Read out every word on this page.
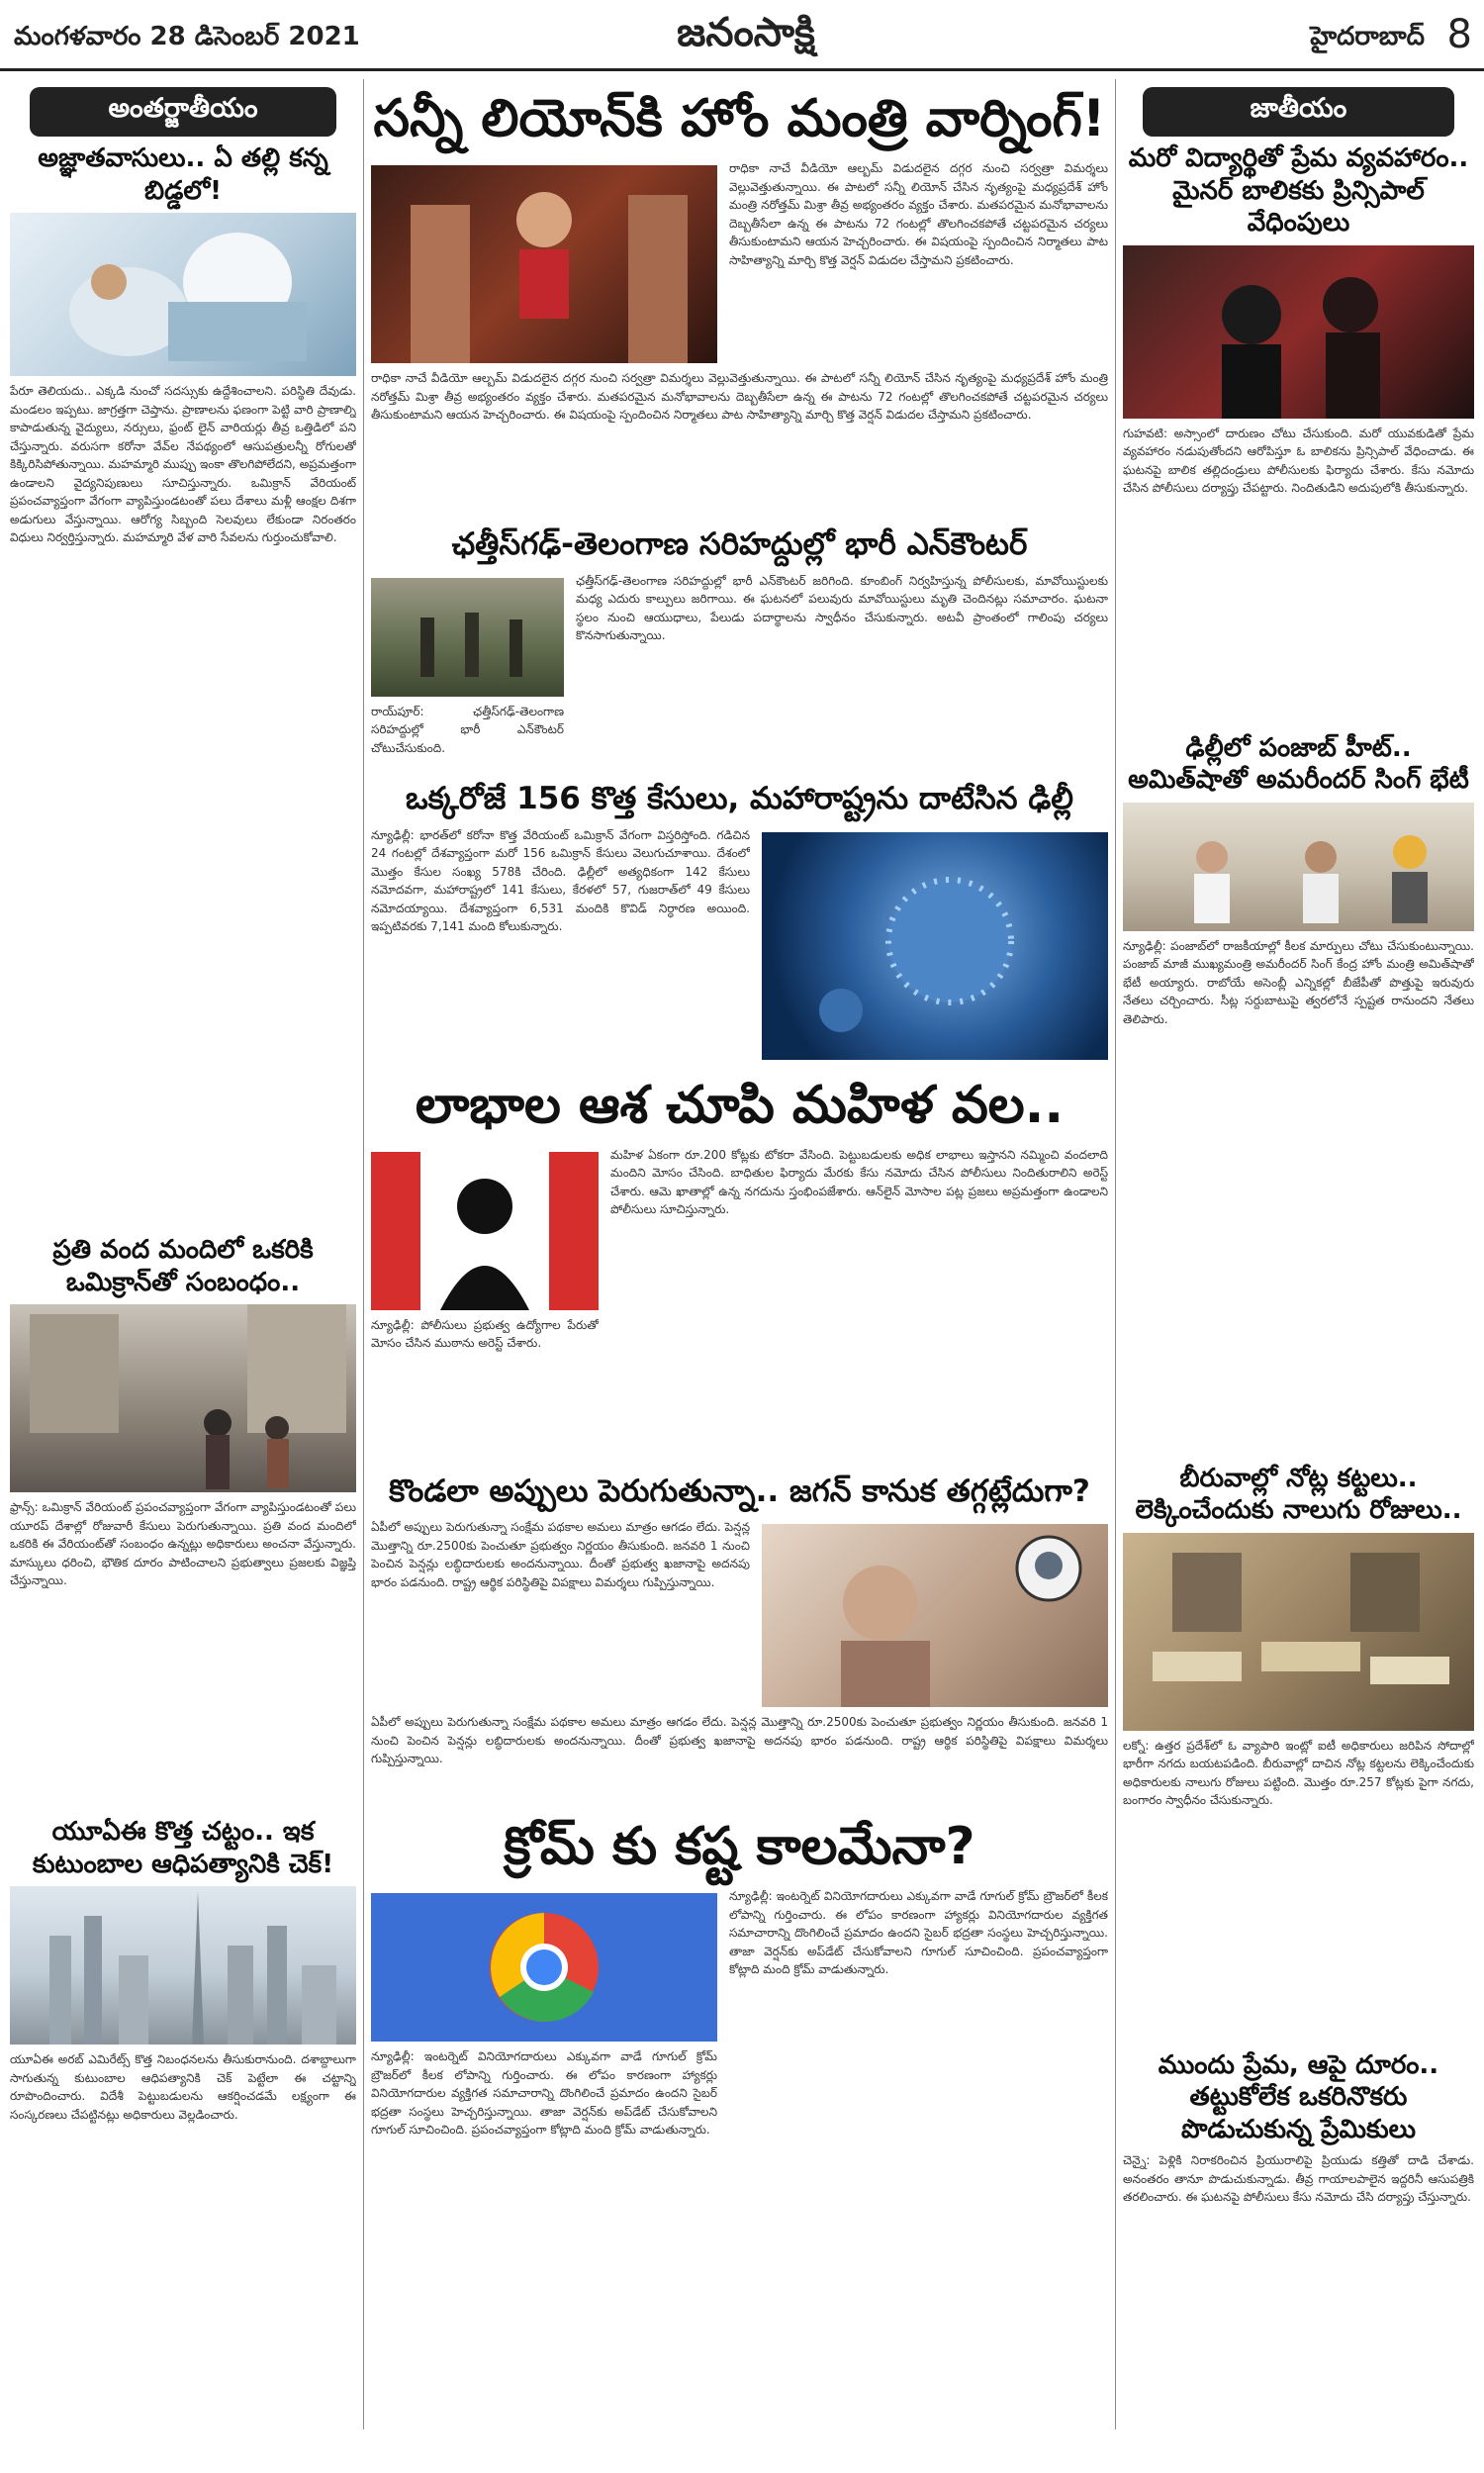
మంగళవారం 28 డిసెంబర్ 2021	జనంసాక్షి	హైదరాబాద్ 8
అంతర్జాతీయం
అజ్ఞాతవాసులు.. ఏ తల్లి కన్న బిడ్డలో!
పేరూ తెలియదు.. ఎక్కడి నుంచో సదస్సుకు ఉద్దేశించాలని. పరిస్థితి దేవుడు. మండలం ఇప్పటు. జాగ్రత్తగా చెప్తాను. ప్రాణాలను ఫణంగా పెట్టి వారి ప్రాణాల్ని కాపాడుతున్న వైద్యులు, నర్సులు, ఫ్రంట్ లైన్ వారియర్లు తీవ్ర ఒత్తిడిలో పని చేస్తున్నారు. వరుసగా కరోనా వేవ్‌ల నేపథ్యంలో ఆసుపత్రులన్నీ రోగులతో కిక్కిరిసిపోతున్నాయి. మహమ్మారి ముప్పు ఇంకా తొలగిపోలేదని, అప్రమత్తంగా ఉండాలని వైద్యనిపుణులు సూచిస్తున్నారు. ఒమిక్రాన్ వేరియంట్ ప్రపంచవ్యాప్తంగా వేగంగా వ్యాపిస్తుండటంతో పలు దేశాలు మళ్లీ ఆంక్షల దిశగా అడుగులు వేస్తున్నాయి. ఆరోగ్య సిబ్బంది సెలవులు లేకుండా నిరంతరం విధులు నిర్వర్తిస్తున్నారు. మహమ్మారి వేళ వారి సేవలను గుర్తుంచుకోవాలి.
ప్రతి వంద మందిలో ఒకరికి ఒమిక్రాన్‌తో సంబంధం..
ఫ్రాన్స్: ఒమిక్రాన్ వేరియంట్ ప్రపంచవ్యాప్తంగా వేగంగా వ్యాపిస్తుండటంతో పలు యూరప్ దేశాల్లో రోజువారీ కేసులు పెరుగుతున్నాయి. ప్రతి వంద మందిలో ఒకరికి ఈ వేరియంట్‌తో సంబంధం ఉన్నట్లు అధికారులు అంచనా వేస్తున్నారు. మాస్కులు ధరించి, భౌతిక దూరం పాటించాలని ప్రభుత్వాలు ప్రజలకు విజ్ఞప్తి చేస్తున్నాయి.
యూఏఈ కొత్త చట్టం.. ఇక కుటుంబాల ఆధిపత్యానికి చెక్!
యూఏఈ అరబ్ ఎమిరేట్స్ కొత్త నిబంధనలను తీసుకురానుంది. దశాబ్దాలుగా సాగుతున్న కుటుంబాల ఆధిపత్యానికి చెక్ పెట్టేలా ఈ చట్టాన్ని రూపొందించారు. విదేశీ పెట్టుబడులను ఆకర్షించడమే లక్ష్యంగా ఈ సంస్కరణలు చేపట్టినట్లు అధికారులు వెల్లడించారు.
సన్నీ లియోన్‌కి హోం మంత్రి వార్నింగ్!
రాధికా నాచే వీడియో ఆల్బమ్ విడుదలైన దగ్గర నుంచి సర్వత్రా విమర్శలు వెల్లువెత్తుతున్నాయి. ఈ పాటలో సన్నీ లియోన్ చేసిన నృత్యంపై మధ్యప్రదేశ్ హోం మంత్రి నరోత్తమ్ మిశ్రా తీవ్ర అభ్యంతరం వ్యక్తం చేశారు. మతపరమైన మనోభావాలను దెబ్బతీసేలా ఉన్న ఈ పాటను 72 గంటల్లో తొలగించకపోతే చట్టపరమైన చర్యలు తీసుకుంటామని ఆయన హెచ్చరించారు. ఈ విషయంపై స్పందించిన నిర్మాతలు పాట సాహిత్యాన్ని మార్చి కొత్త వెర్షన్ విడుదల చేస్తామని ప్రకటించారు.
రాధికా నాచే వీడియో ఆల్బమ్ విడుదలైన దగ్గర నుంచి సర్వత్రా విమర్శలు వెల్లువెత్తుతున్నాయి. ఈ పాటలో సన్నీ లియోన్ చేసిన నృత్యంపై మధ్యప్రదేశ్ హోం మంత్రి నరోత్తమ్ మిశ్రా తీవ్ర అభ్యంతరం వ్యక్తం చేశారు. మతపరమైన మనోభావాలను దెబ్బతీసేలా ఉన్న ఈ పాటను 72 గంటల్లో తొలగించకపోతే చట్టపరమైన చర్యలు తీసుకుంటామని ఆయన హెచ్చరించారు. ఈ విషయంపై స్పందించిన నిర్మాతలు పాట సాహిత్యాన్ని మార్చి కొత్త వెర్షన్ విడుదల చేస్తామని ప్రకటించారు.
ఛత్తీస్‌గఢ్-తెలంగాణ సరిహద్దుల్లో భారీ ఎన్‌కౌంటర్
రాయ్‌పూర్: ఛత్తీస్‌గఢ్-తెలంగాణ సరిహద్దుల్లో భారీ ఎన్‌కౌంటర్ చోటుచేసుకుంది.
ఛత్తీస్‌గఢ్-తెలంగాణ సరిహద్దుల్లో భారీ ఎన్‌కౌంటర్ జరిగింది. కూంబింగ్ నిర్వహిస్తున్న పోలీసులకు, మావోయిస్టులకు మధ్య ఎదురు కాల్పులు జరిగాయి. ఈ ఘటనలో పలువురు మావోయిస్టులు మృతి చెందినట్లు సమాచారం. ఘటనా స్థలం నుంచి ఆయుధాలు, పేలుడు పదార్థాలను స్వాధీనం చేసుకున్నారు. అటవీ ప్రాంతంలో గాలింపు చర్యలు కొనసాగుతున్నాయి.
ఒక్కరోజే 156 కొత్త కేసులు, మహారాష్ట్రను దాటేసిన ఢిల్లీ
న్యూఢిల్లీ: భారత్‌లో కరోనా కొత్త వేరియంట్ ఒమిక్రాన్ వేగంగా విస్తరిస్తోంది. గడిచిన 24 గంటల్లో దేశవ్యాప్తంగా మరో 156 ఒమిక్రాన్ కేసులు వెలుగుచూశాయి. దేశంలో మొత్తం కేసుల సంఖ్య 578కి చేరింది. ఢిల్లీలో అత్యధికంగా 142 కేసులు నమోదవగా, మహారాష్ట్రలో 141 కేసులు, కేరళలో 57, గుజరాత్‌లో 49 కేసులు నమోదయ్యాయి. దేశవ్యాప్తంగా 6,531 మందికి కొవిడ్ నిర్ధారణ అయింది. ఇప్పటివరకు 7,141 మంది కోలుకున్నారు.
లాభాల ఆశ చూపి మహిళ వల..
న్యూఢిల్లీ: పోలీసులు ప్రభుత్వ ఉద్యోగాల పేరుతో మోసం చేసిన ముఠాను అరెస్ట్ చేశారు.
మహిళ ఏకంగా రూ.200 కోట్లకు టోకరా వేసింది. పెట్టుబడులకు అధిక లాభాలు ఇస్తానని నమ్మించి వందలాది మందిని మోసం చేసింది. బాధితుల ఫిర్యాదు మేరకు కేసు నమోదు చేసిన పోలీసులు నిందితురాలిని అరెస్ట్ చేశారు. ఆమె ఖాతాల్లో ఉన్న నగదును స్తంభింపజేశారు. ఆన్‌లైన్ మోసాల పట్ల ప్రజలు అప్రమత్తంగా ఉండాలని పోలీసులు సూచిస్తున్నారు.
కొండలా అప్పులు పెరుగుతున్నా.. జగన్ కానుక తగ్గట్లేదుగా?
ఏపీలో అప్పులు పెరుగుతున్నా సంక్షేమ పథకాల అమలు మాత్రం ఆగడం లేదు. పెన్షన్ల మొత్తాన్ని రూ.2500కు పెంచుతూ ప్రభుత్వం నిర్ణయం తీసుకుంది. జనవరి 1 నుంచి పెంచిన పెన్షన్లు లబ్ధిదారులకు అందనున్నాయి. దీంతో ప్రభుత్వ ఖజానాపై అదనపు భారం పడనుంది. రాష్ట్ర ఆర్థిక పరిస్థితిపై విపక్షాలు విమర్శలు గుప్పిస్తున్నాయి.
ఏపీలో అప్పులు పెరుగుతున్నా సంక్షేమ పథకాల అమలు మాత్రం ఆగడం లేదు. పెన్షన్ల మొత్తాన్ని రూ.2500కు పెంచుతూ ప్రభుత్వం నిర్ణయం తీసుకుంది. జనవరి 1 నుంచి పెంచిన పెన్షన్లు లబ్ధిదారులకు అందనున్నాయి. దీంతో ప్రభుత్వ ఖజానాపై అదనపు భారం పడనుంది. రాష్ట్ర ఆర్థిక పరిస్థితిపై విపక్షాలు విమర్శలు గుప్పిస్తున్నాయి.
క్రోమ్ కు కష్ట కాలమేనా?
న్యూఢిల్లీ: ఇంటర్నెట్ వినియోగదారులు ఎక్కువగా వాడే గూగుల్ క్రోమ్ బ్రౌజర్‌లో కీలక లోపాన్ని గుర్తించారు. ఈ లోపం కారణంగా హ్యాకర్లు వినియోగదారుల వ్యక్తిగత సమాచారాన్ని దొంగిలించే ప్రమాదం ఉందని సైబర్ భద్రతా సంస్థలు హెచ్చరిస్తున్నాయి. తాజా వెర్షన్‌కు అప్‌డేట్ చేసుకోవాలని గూగుల్ సూచించింది. ప్రపంచవ్యాప్తంగా కోట్లాది మంది క్రోమ్ వాడుతున్నారు.
న్యూఢిల్లీ: ఇంటర్నెట్ వినియోగదారులు ఎక్కువగా వాడే గూగుల్ క్రోమ్ బ్రౌజర్‌లో కీలక లోపాన్ని గుర్తించారు. ఈ లోపం కారణంగా హ్యాకర్లు వినియోగదారుల వ్యక్తిగత సమాచారాన్ని దొంగిలించే ప్రమాదం ఉందని సైబర్ భద్రతా సంస్థలు హెచ్చరిస్తున్నాయి. తాజా వెర్షన్‌కు అప్‌డేట్ చేసుకోవాలని గూగుల్ సూచించింది. ప్రపంచవ్యాప్తంగా కోట్లాది మంది క్రోమ్ వాడుతున్నారు.
జాతీయం
మరో విద్యార్థితో ప్రేమ వ్యవహారం.. మైనర్ బాలికకు ప్రిన్సిపాల్ వేధింపులు
గుహవటి: అస్సాంలో దారుణం చోటు చేసుకుంది. మరో యువకుడితో ప్రేమ వ్యవహారం నడుపుతోందని ఆరోపిస్తూ ఓ బాలికను ప్రిన్సిపాల్ వేధించాడు. ఈ ఘటనపై బాలిక తల్లిదండ్రులు పోలీసులకు ఫిర్యాదు చేశారు. కేసు నమోదు చేసిన పోలీసులు దర్యాప్తు చేపట్టారు. నిందితుడిని అదుపులోకి తీసుకున్నారు.
ఢిల్లీలో పంజాబ్ హీట్.. అమిత్‌షాతో అమరీందర్ సింగ్ భేటీ
న్యూఢిల్లీ: పంజాబ్‌లో రాజకీయాల్లో కీలక మార్పులు చోటు చేసుకుంటున్నాయి. పంజాబ్ మాజీ ముఖ్యమంత్రి అమరీందర్ సింగ్ కేంద్ర హోం మంత్రి అమిత్‌షాతో భేటీ అయ్యారు. రాబోయే అసెంబ్లీ ఎన్నికల్లో బీజేపీతో పొత్తుపై ఇరువురు నేతలు చర్చించారు. సీట్ల సర్దుబాటుపై త్వరలోనే స్పష్టత రానుందని నేతలు తెలిపారు.
బీరువాల్లో నోట్ల కట్టలు.. లెక్కించేందుకు నాలుగు రోజులు..
లక్నో: ఉత్తర ప్రదేశ్‌లో ఓ వ్యాపారి ఇంట్లో ఐటీ అధికారులు జరిపిన సోదాల్లో భారీగా నగదు బయటపడింది. బీరువాల్లో దాచిన నోట్ల కట్టలను లెక్కించేందుకు అధికారులకు నాలుగు రోజులు పట్టింది. మొత్తం రూ.257 కోట్లకు పైగా నగదు, బంగారం స్వాధీనం చేసుకున్నారు.
ముందు ప్రేమ, ఆపై దూరం.. తట్టుకోలేక ఒకరినొకరు పొడుచుకున్న ప్రేమికులు
చెన్నై: పెళ్లికి నిరాకరించిన ప్రియురాలిపై ప్రియుడు కత్తితో దాడి చేశాడు. అనంతరం తానూ పొడుచుకున్నాడు. తీవ్ర గాయాలపాలైన ఇద్దరినీ ఆసుపత్రికి తరలించారు. ఈ ఘటనపై పోలీసులు కేసు నమోదు చేసి దర్యాప్తు చేస్తున్నారు.
